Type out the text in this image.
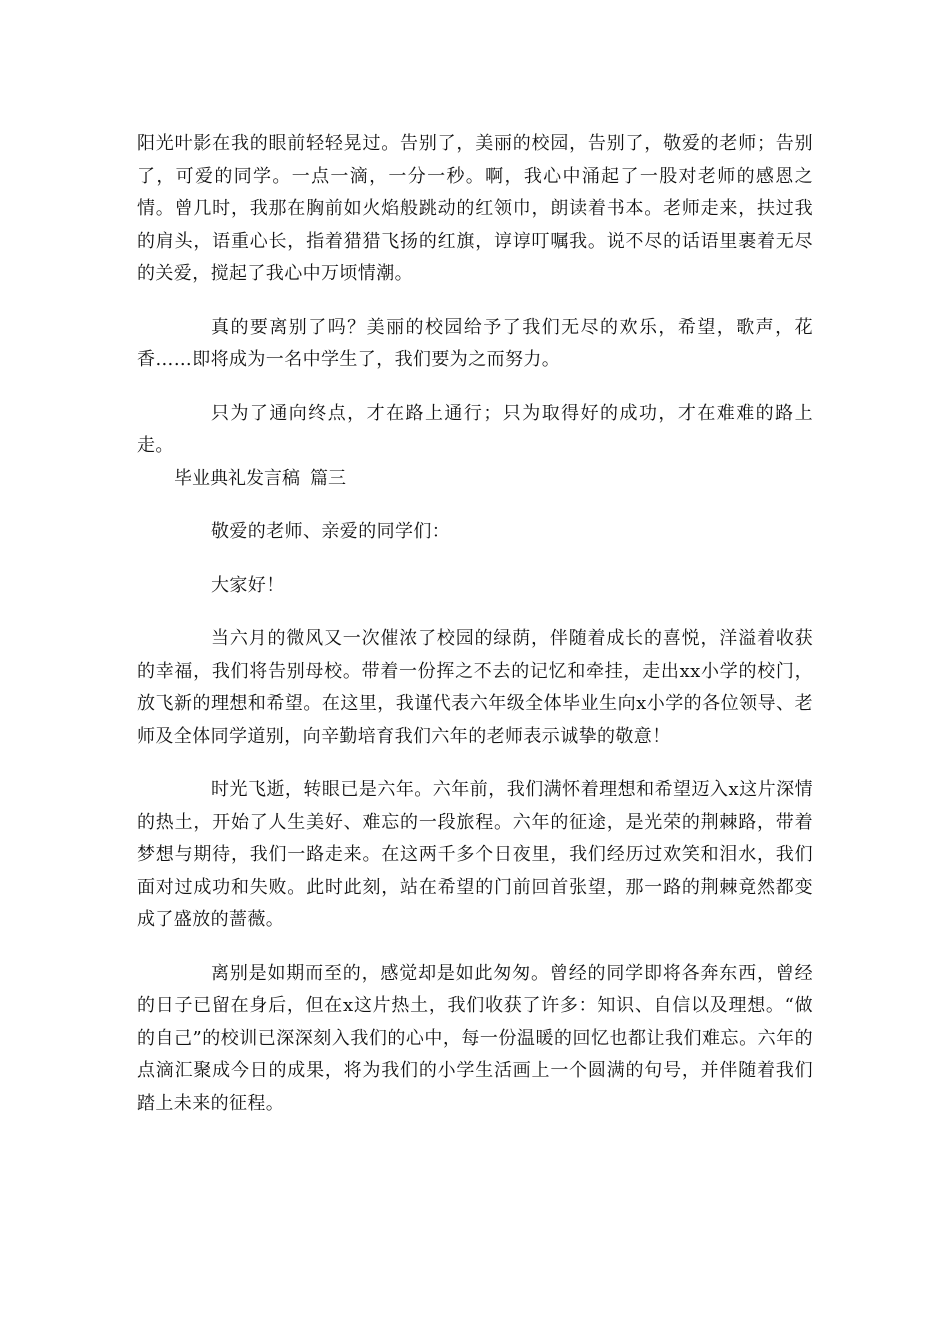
阳光叶影在我的眼前轻轻晃过。告别了，美丽的校园，告别了，敬爱的老师；告别了，可爱的同学。一点一滴，一分一秒。啊，我心中涌起了一股对老师的感恩之情。曾几时，我那在胸前如火焰般跳动的红领巾，朗读着书本。老师走来，扶过我的肩头，语重心长，指着猎猎飞扬的红旗，谆谆叮嘱我。说不尽的话语里裹着无尽的关爱，搅起了我心中万顷情潮。

真的要离别了吗？美丽的校园给予了我们无尽的欢乐，希望，歌声，花香……即将成为一名中学生了，我们要为之而努力。

只为了通向终点，才在路上通行；只为取得好的成功，才在难难的路上走。

毕业典礼发言稿 篇三

敬爱的老师、亲爱的同学们：

大家好！

当六月的微风又一次催浓了校园的绿荫，伴随着成长的喜悦，洋溢着收获的幸福，我们将告别母校。带着一份挥之不去的记忆和牵挂，走出xx小学的校门，放飞新的理想和希望。在这里，我谨代表六年级全体毕业生向x小学的各位领导、老师及全体同学道别，向辛勤培育我们六年的老师表示诚挚的敬意！

时光飞逝，转眼已是六年。六年前，我们满怀着理想和希望迈入x这片深情的热土，开始了人生美好、难忘的一段旅程。六年的征途，是光荣的荆棘路，带着梦想与期待，我们一路走来。在这两千多个日夜里，我们经历过欢笑和泪水，我们面对过成功和失败。此时此刻，站在希望的门前回首张望，那一路的荆棘竟然都变成了盛放的蔷薇。

离别是如期而至的，感觉却是如此匆匆。曾经的同学即将各奔东西，曾经的日子已留在身后，但在x这片热土，我们收获了许多：知识、自信以及理想。“做的自己”的校训已深深刻入我们的心中，每一份温暖的回忆也都让我们难忘。六年的点滴汇聚成今日的成果，将为我们的小学生活画上一个圆满的句号，并伴随着我们踏上未来的征程。
